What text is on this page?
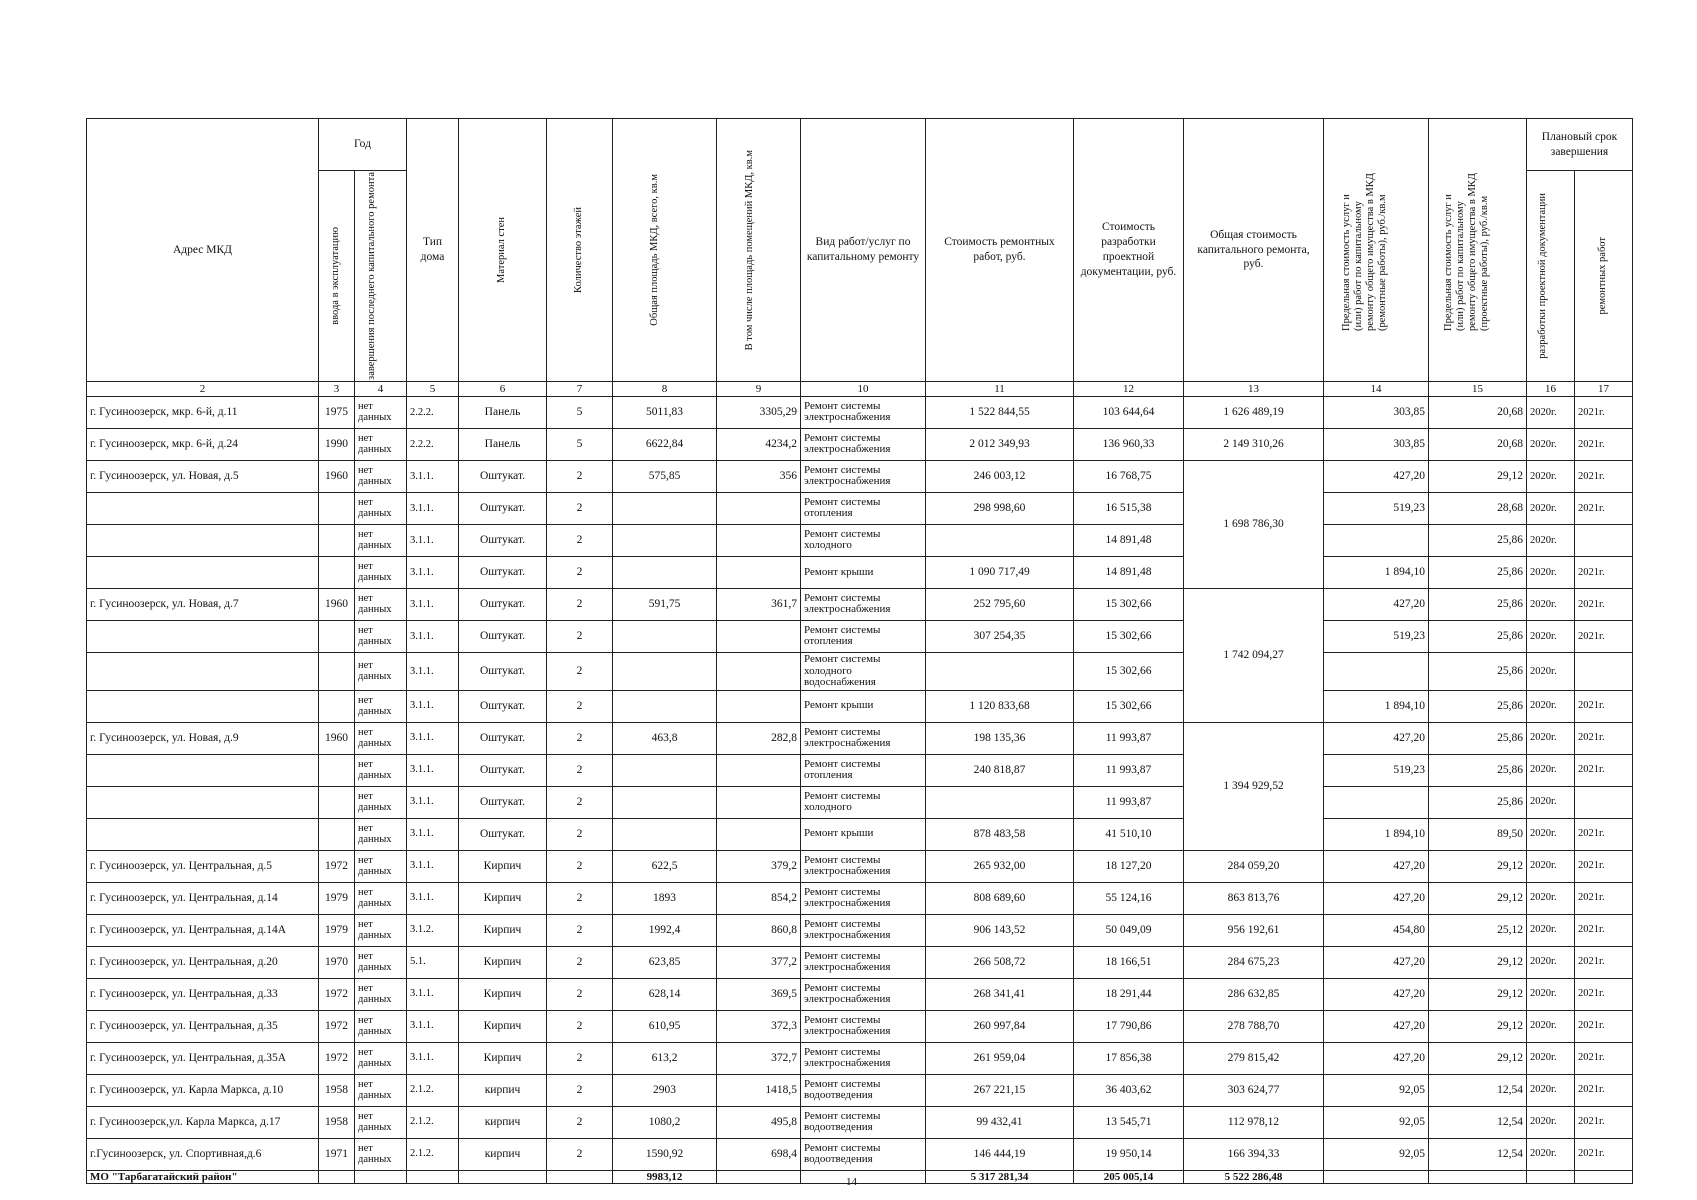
Адрес МКД	Год		Тип дома	Материал стен	Количество этажей	Общая площадь МКД, всего, кв.м	В том числе площадь помещений МКД, кв.м	Вид работ/услуг по капитальному ремонту	Стоимость ремонтных работ, руб.	Стоимость разработки проектной документации, руб.	Общая стоимость капитального ремонта, руб.	Предельная стоимость услуг и (или) работ по капитальному ремонту общего имущества в МКД (ремонтные работы), руб./кв.м	Предельная стоимость услуг и (или) работ по капитальному ремонту общего имущества в МКД (проектные работы), руб./кв.м	Плановый срок завершения	

	ввода в эксплуатацию	завершения последнего капитального ремонта												разработки проектной документации	ремонтных работ

2	3	4	5	6	7	8	9	10	11	12	13	14	15	16	17
г. Гусиноозерск, мкр. 6-й, д.11	1975	нет данных	2.2.2.	Панель	5	5011,83	3305,29	Ремонт системы электроснабжения	1 522 844,55	103 644,64	1 626 489,19	303,85	20,68	2020г.	2021г.
г. Гусиноозерск, мкр. 6-й, д.24	1990	нет данных	2.2.2.	Панель	5	6622,84	4234,2	Ремонт системы электроснабжения	2 012 349,93	136 960,33	2 149 310,26	303,85	20,68	2020г.	2021г.
г. Гусиноозерск, ул. Новая, д.5	1960	нет данных	3.1.1.	Оштукат.	2	575,85	356	Ремонт системы электроснабжения	246 003,12	16 768,75	1 698 786,30	427,20	29,12	2020г.	2021г.
		нет данных	3.1.1.	Оштукат.	2			Ремонт системы отопления	298 998,60	16 515,38		519,23	28,68	2020г.	2021г.
		нет данных	3.1.1.	Оштукат.	2			Ремонт системы холодного		14 891,48			25,86	2020г.	
		нет данных	3.1.1.	Оштукат.	2			Ремонт крыши	1 090 717,49	14 891,48		1 894,10	25,86	2020г.	2021г.
г. Гусиноозерск, ул. Новая, д.7	1960	нет данных	3.1.1.	Оштукат.	2	591,75	361,7	Ремонт системы электроснабжения	252 795,60	15 302,66	1 742 094,27	427,20	25,86	2020г.	2021г.
		нет данных	3.1.1.	Оштукат.	2			Ремонт системы отопления	307 254,35	15 302,66		519,23	25,86	2020г.	2021г.
		нет данных	3.1.1.	Оштукат.	2			Ремонт системы холодного водоснабжения		15 302,66			25,86	2020г.	
		нет данных	3.1.1.	Оштукат.	2			Ремонт крыши	1 120 833,68	15 302,66		1 894,10	25,86	2020г.	2021г.
г. Гусиноозерск, ул. Новая, д.9	1960	нет данных	3.1.1.	Оштукат.	2	463,8	282,8	Ремонт системы электроснабжения	198 135,36	11 993,87	1 394 929,52	427,20	25,86	2020г.	2021г.
		нет данных	3.1.1.	Оштукат.	2			Ремонт системы отопления	240 818,87	11 993,87		519,23	25,86	2020г.	2021г.
		нет данных	3.1.1.	Оштукат.	2			Ремонт системы холодного		11 993,87			25,86	2020г.	
		нет данных	3.1.1.	Оштукат.	2			Ремонт крыши	878 483,58	41 510,10		1 894,10	89,50	2020г.	2021г.
г. Гусиноозерск, ул. Центральная, д.5	1972	нет данных	3.1.1.	Кирпич	2	622,5	379,2	Ремонт системы электроснабжения	265 932,00	18 127,20	284 059,20	427,20	29,12	2020г.	2021г.
г. Гусиноозерск, ул. Центральная, д.14	1979	нет данных	3.1.1.	Кирпич	2	1893	854,2	Ремонт системы электроснабжения	808 689,60	55 124,16	863 813,76	427,20	29,12	2020г.	2021г.
г. Гусиноозерск, ул. Центральная, д.14А	1979	нет данных	3.1.2.	Кирпич	2	1992,4	860,8	Ремонт системы электроснабжения	906 143,52	50 049,09	956 192,61	454,80	25,12	2020г.	2021г.
г. Гусиноозерск, ул. Центральная, д.20	1970	нет данных	5.1.	Кирпич	2	623,85	377,2	Ремонт системы электроснабжения	266 508,72	18 166,51	284 675,23	427,20	29,12	2020г.	2021г.
г. Гусиноозерск, ул. Центральная, д.33	1972	нет данных	3.1.1.	Кирпич	2	628,14	369,5	Ремонт системы электроснабжения	268 341,41	18 291,44	286 632,85	427,20	29,12	2020г.	2021г.
г. Гусиноозерск, ул. Центральная, д.35	1972	нет данных	3.1.1.	Кирпич	2	610,95	372,3	Ремонт системы электроснабжения	260 997,84	17 790,86	278 788,70	427,20	29,12	2020г.	2021г.
г. Гусиноозерск, ул. Центральная, д.35А	1972	нет данных	3.1.1.	Кирпич	2	613,2	372,7	Ремонт системы электроснабжения	261 959,04	17 856,38	279 815,42	427,20	29,12	2020г.	2021г.
г. Гусиноозерск, ул. Карла Маркса, д.10	1958	нет данных	2.1.2.	кирпич	2	2903	1418,5	Ремонт системы водоотведения	267 221,15	36 403,62	303 624,77	92,05	12,54	2020г.	2021г.
г. Гусиноозерск,ул. Карла Маркса, д.17	1958	нет данных	2.1.2.	кирпич	2	1080,2	495,8	Ремонт системы водоотведения	99 432,41	13 545,71	112 978,12	92,05	12,54	2020г.	2021г.
г.Гусиноозерск, ул. Спортивная,д.6	1971	нет данных	2.1.2.	кирпич	2	1590,92	698,4	Ремонт системы водоотведения	146 444,19	19 950,14	166 394,33	92,05	12,54	2020г.	2021г.
МО "Тарбагатайский район"						9983,12			5 317 281,34	205 005,14	5 522 286,48				
14
